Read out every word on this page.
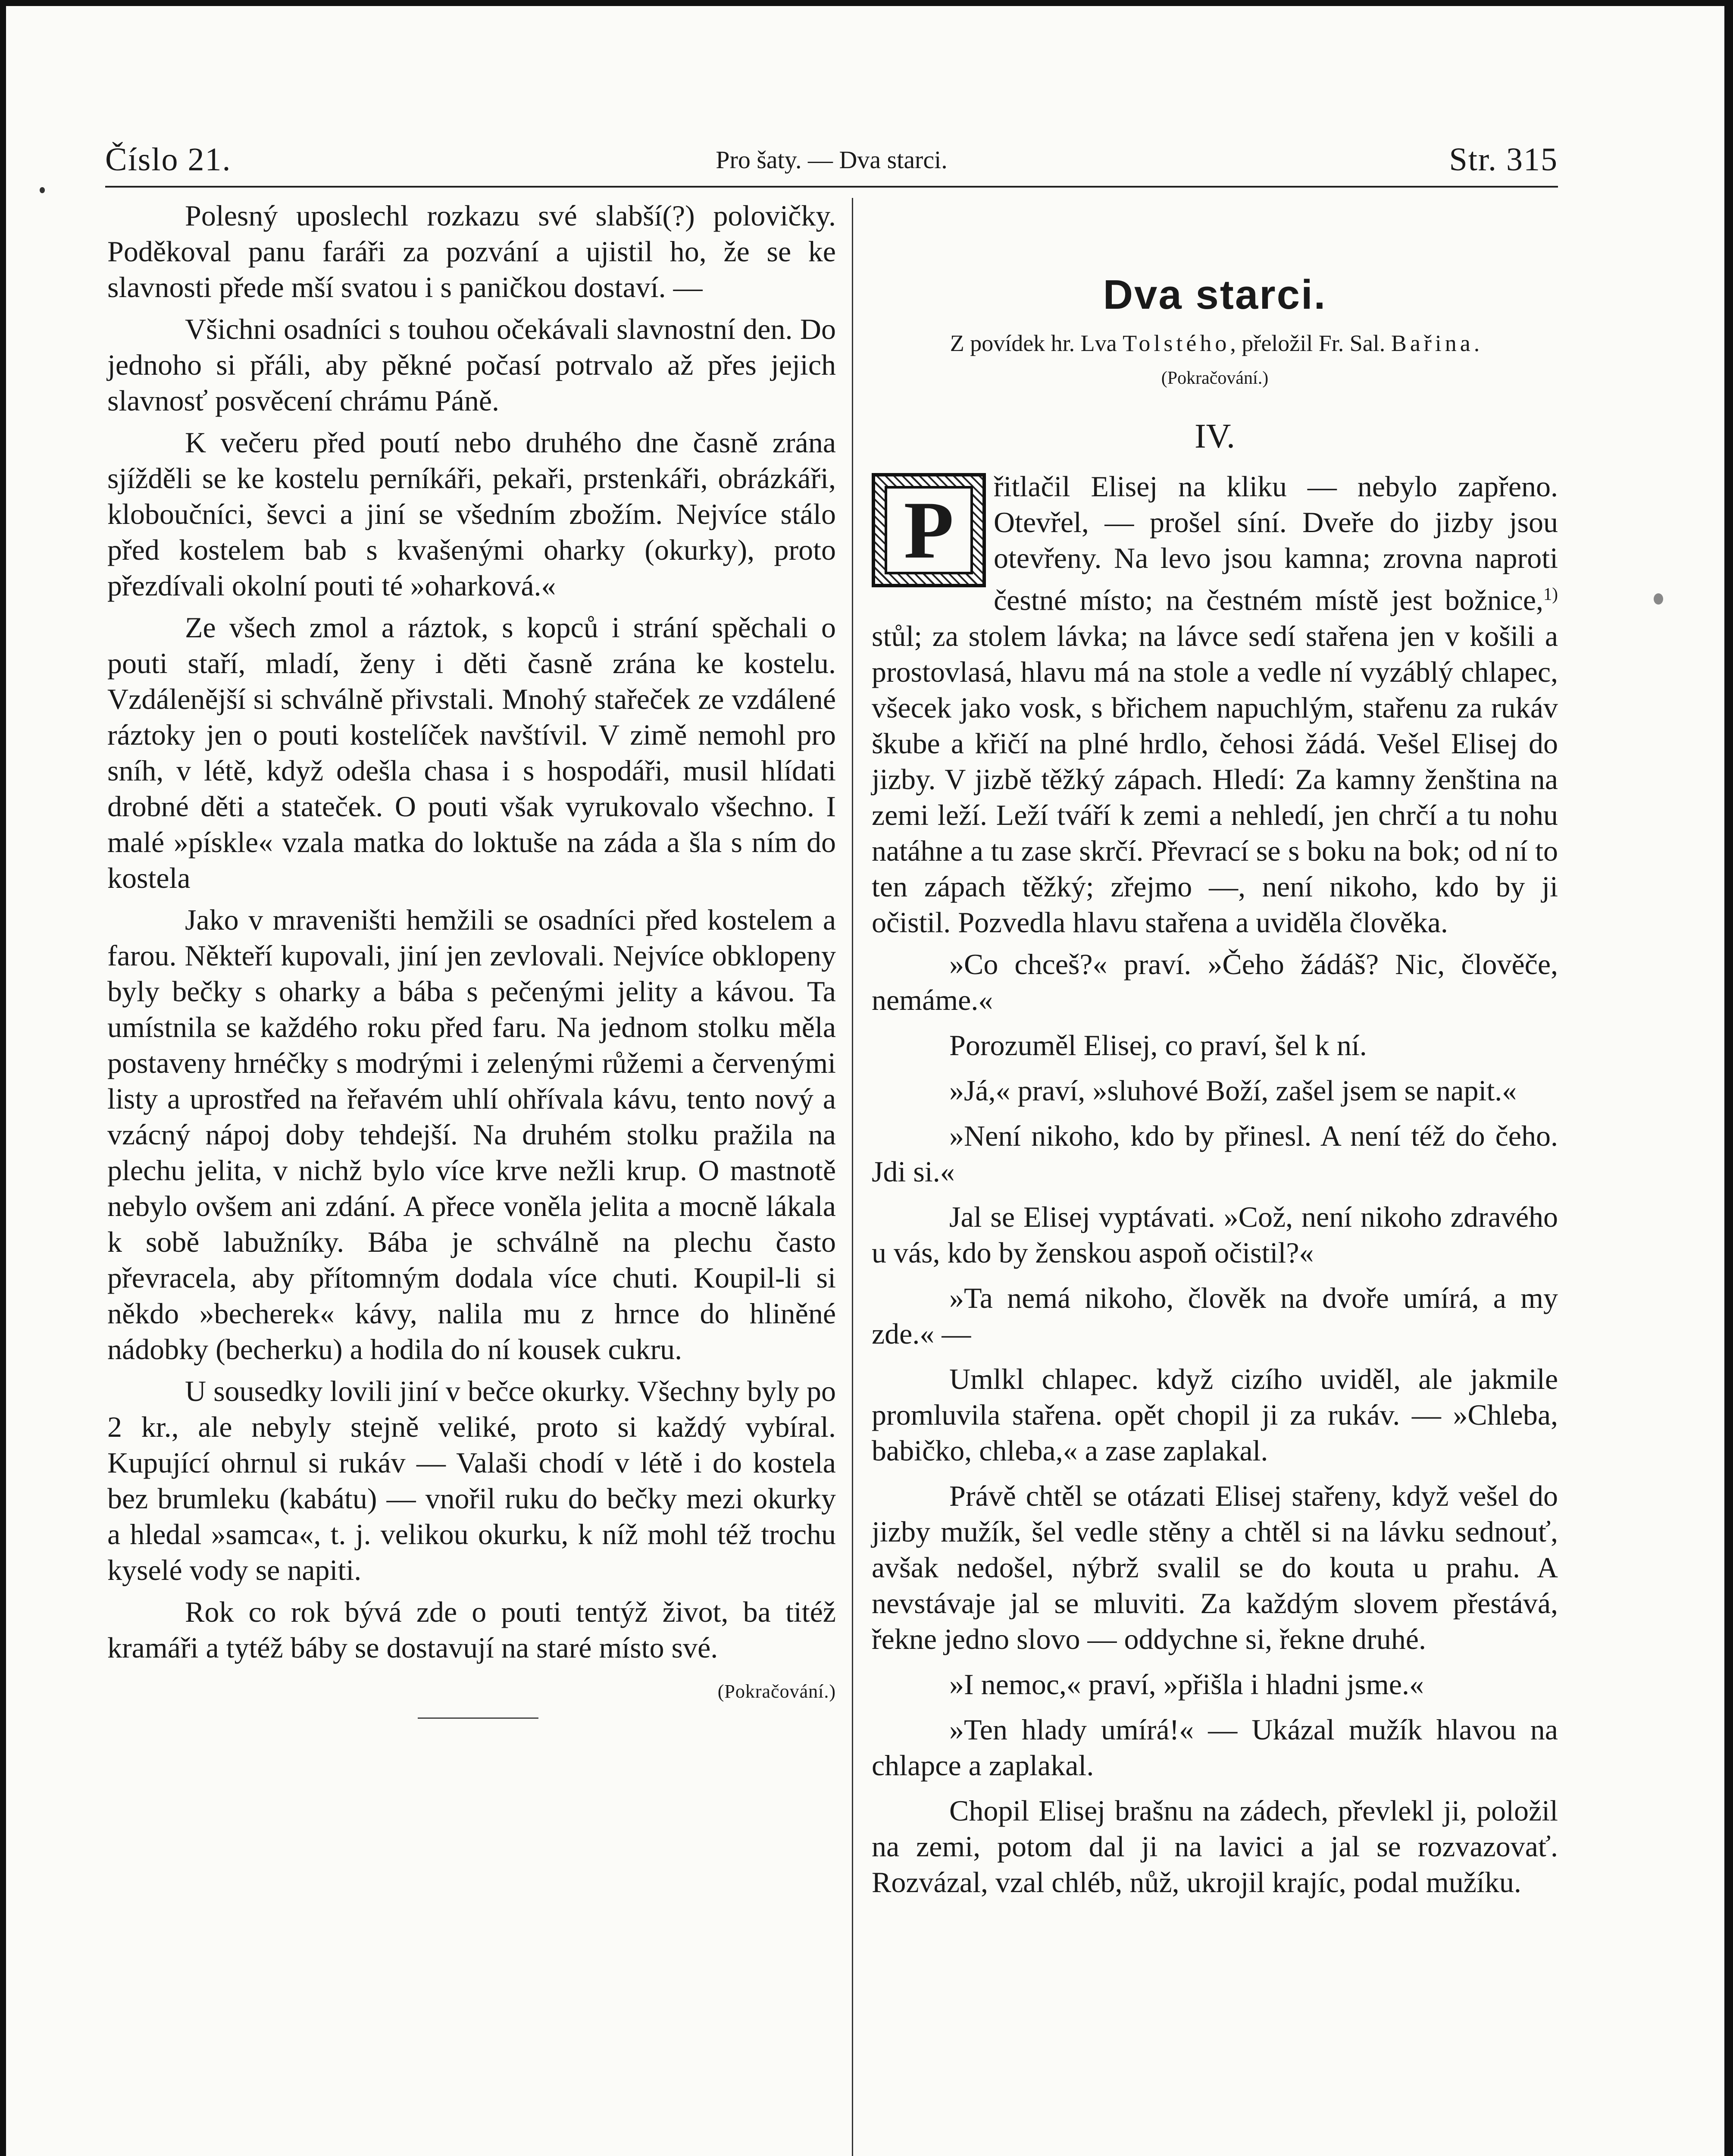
Číslo 21.	Pro šaty. — Dva starci.	Str. 315

Polesný uposlechl rozkazu své slabší(?) polovičky. Poděkoval panu faráři za pozvání a ujistil ho, že se ke slavnosti přede mší svatou i s paničkou dostaví. —

Všichni osadníci s touhou očekávali slavnostní den. Do jednoho si přáli, aby pěkné počasí potrvalo až přes jejich slavnosť posvěcení chrámu Páně.

K večeru před poutí nebo druhého dne časně zrána sjížděli se ke kostelu perníkáři, pekaři, prstenkáři, obrázkáři, kloboučníci, ševci a jiní se všedním zbožím. Nejvíce stálo před kostelem bab s kvašenými oharky (okurky), proto přezdívali okolní pouti té »oharková.«

Ze všech zmol a ráztok, s kopců i strání spěchali o pouti staří, mladí, ženy i děti časně zrána ke kostelu. Vzdálenější si schválně přivstali. Mnohý stařeček ze vzdálené ráztoky jen o pouti kostelíček navštívil. V zimě nemohl pro sníh, v létě, když odešla chasa i s hospodáři, musil hlídati drobné děti a stateček. O pouti však vyrukovalo všechno. I malé »pískle« vzala matka do loktuše na záda a šla s ním do kostela

Jako v mraveništi hemžili se osadníci před kostelem a farou. Někteří kupovali, jiní jen zevlovali. Nejvíce obklopeny byly bečky s oharky a bába s pečenými jelity a kávou. Ta umístnila se každého roku před faru. Na jednom stolku měla postaveny hrnéčky s modrými i zelenými růžemi a červenými listy a uprostřed na řeřavém uhlí ohřívala kávu, tento nový a vzácný nápoj doby tehdejší. Na druhém stolku pražila na plechu jelita, v nichž bylo více krve nežli krup. O mastnotě nebylo ovšem ani zdání. A přece voněla jelita a mocně lákala k sobě labužníky. Bába je schválně na plechu často převracela, aby přítomným dodala více chuti. Koupil-li si někdo »becherek« kávy, nalila mu z hrnce do hliněné nádobky (becherku) a hodila do ní kousek cukru.

U sousedky lovili jiní v bečce okurky. Všechny byly po 2 kr., ale nebyly stejně veliké, proto si každý vybíral. Kupující ohrnul si rukáv — Valaši chodí v létě i do kostela bez brumleku (kabátu) — vnořil ruku do bečky mezi okurky a hledal »samca«, t. j. velikou okurku, k níž mohl též trochu kyselé vody se napiti.

Rok co rok bývá zde o pouti tentýž život, ba titéž kramáři a tytéž báby se dostavují na staré místo své.
(Pokračování.)

Dva starci.
Z povídek hr. Lva Tolstého, přeložil Fr. Sal. Bařina.
(Pokračování.)
IV.

P	řitlačil Elisej na kliku — nebylo zapřeno. Otevřel, — prošel síní. Dveře do jizby jsou otevřeny. Na levo jsou kamna; zrovna naproti čestné místo; na čestném místě jest božnice,$^{1)}$ stůl; za stolem lávka; na lávce sedí stařena jen v košili a prostovlasá, hlavu má na stole a vedle ní vyzáblý chlapec, všecek jako vosk, s břichem napuchlým, stařenu za rukáv škube a křičí na plné hrdlo, čehosi žádá. Vešel Elisej do jizby. V jizbě těžký zápach. Hledí: Za kamny ženština na zemi leží. Leží tváří k zemi a nehledí, jen chrčí a tu nohu natáhne a tu zase skrčí. Převrací se s boku na bok; od ní to ten zápach těžký; zřejmo —, není nikoho, kdo by ji očistil. Pozvedla hlavu stařena a uviděla člověka.

»Co chceš?« praví. »Čeho žádáš? Nic, člověče, nemáme.«

Porozuměl Elisej, co praví, šel k ní.

»Já,« praví, »sluhové Boží, zašel jsem se napit.«

»Není nikoho, kdo by přinesl. A není též do čeho. Jdi si.«

Jal se Elisej vyptávati. »Což, není nikoho zdravého u vás, kdo by ženskou aspoň očistil?«

»Ta nemá nikoho, člověk na dvoře umírá, a my zde.« —

Umlkl chlapec. když cizího uviděl, ale jakmile promluvila stařena. opět chopil ji za rukáv. — »Chleba, babičko, chleba,« a zase zaplakal.

Právě chtěl se otázati Elisej stařeny, když vešel do jizby mužík, šel vedle stěny a chtěl si na lávku sednouť, avšak nedošel, nýbrž svalil se do kouta u prahu. A nevstávaje jal se mluviti. Za každým slovem přestává, řekne jedno slovo — oddychne si, řekne druhé.

»I nemoc,« praví, »přišla i hladni jsme.«

»Ten hlady umírá!« — Ukázal mužík hlavou na chlapce a zaplakal.

Chopil Elisej brašnu na zádech, převlekl ji, položil na zemi, potom dal ji na lavici a jal se rozvazovať. Rozvázal, vzal chléb, nůž, ukrojil krajíc, podal mužíku.
